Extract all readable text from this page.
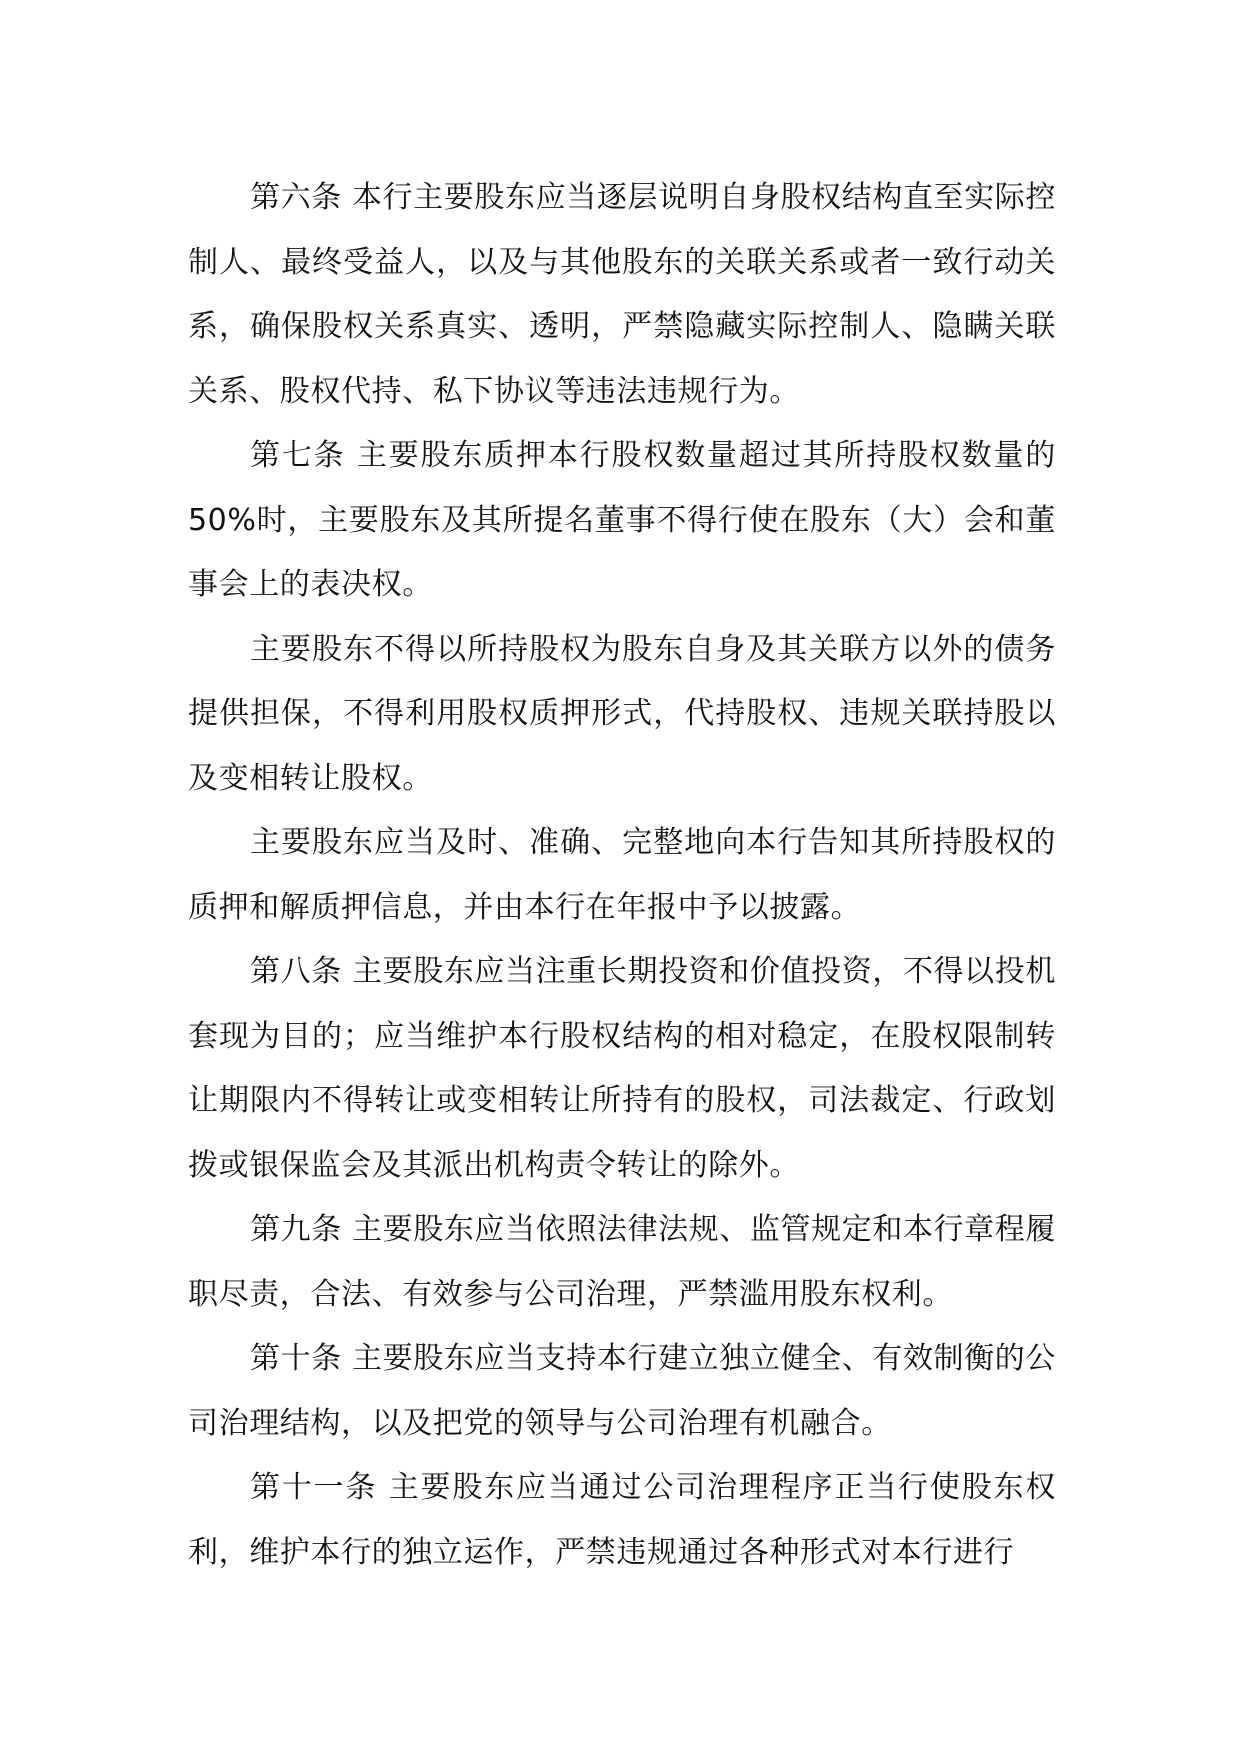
第六条 本行主要股东应当逐层说明自身股权结构直至实际控制人、最终受益人，以及与其他股东的关联关系或者一致行动关系，确保股权关系真实、透明，严禁隐藏实际控制人、隐瞒关联关系、股权代持、私下协议等违法违规行为。

第七条 主要股东质押本行股权数量超过其所持股权数量的50%时，主要股东及其所提名董事不得行使在股东（大）会和董事会上的表决权。

主要股东不得以所持股权为股东自身及其关联方以外的债务提供担保，不得利用股权质押形式，代持股权、违规关联持股以及变相转让股权。

主要股东应当及时、准确、完整地向本行告知其所持股权的质押和解质押信息，并由本行在年报中予以披露。

第八条 主要股东应当注重长期投资和价值投资，不得以投机套现为目的；应当维护本行股权结构的相对稳定，在股权限制转让期限内不得转让或变相转让所持有的股权，司法裁定、行政划拨或银保监会及其派出机构责令转让的除外。

第九条 主要股东应当依照法律法规、监管规定和本行章程履职尽责，合法、有效参与公司治理，严禁滥用股东权利。

第十条 主要股东应当支持本行建立独立健全、有效制衡的公司治理结构，以及把党的领导与公司治理有机融合。

第十一条 主要股东应当通过公司治理程序正当行使股东权利，维护本行的独立运作，严禁违规通过各种形式对本行进行
